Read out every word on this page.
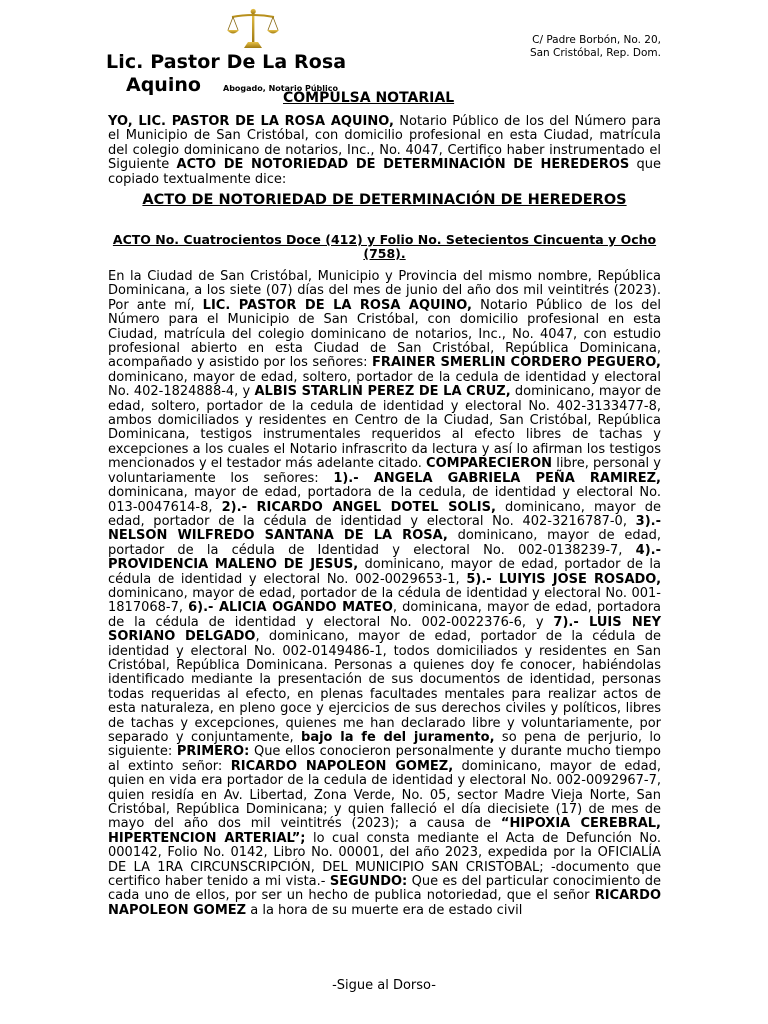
C/ Padre Borbón, No. 20,
San Cristóbal, Rep. Dom.
Lic. Pastor De La Rosa
Aquino	Abogado, Notario Público
COMPULSA NOTARIAL
YO, LIC. PASTOR DE LA ROSA AQUINO, Notario Público de los del Número para el Municipio de San Cristóbal, con domicilio profesional en esta Ciudad, matrícula del colegio dominicano de notarios, Inc., No. 4047, Certifico haber instrumentado el Siguiente ACTO DE NOTORIEDAD DE DETERMINACIÓN DE HEREDEROS que copiado textualmente dice:
ACTO DE NOTORIEDAD DE DETERMINACIÓN DE HEREDEROS
ACTO No. Cuatrocientos Doce (412) y Folio No. Setecientos Cincuenta y Ocho (758).
En la Ciudad de San Cristóbal, Municipio y Provincia del mismo nombre, República Dominicana, a los siete (07) días del mes de junio del año dos mil veintitrés (2023). Por ante mí, LIC. PASTOR DE LA ROSA AQUINO, Notario Público de los del Número para el Municipio de San Cristóbal, con domicilio profesional en esta Ciudad, matrícula del colegio dominicano de notarios, Inc., No. 4047, con estudio profesional abierto en esta Ciudad de San Cristóbal, República Dominicana, acompañado y asistido por los señores: FRAINER SMERLIN CORDERO PEGUERO, dominicano, mayor de edad, soltero, portador de la cedula de identidad y electoral No. 402-1824888-4, y ALBIS STARLIN PEREZ DE LA CRUZ, dominicano, mayor de edad, soltero, portador de la cedula de identidad y electoral No. 402-3133477-8, ambos domiciliados y residentes en Centro de la Ciudad, San Cristóbal, República Dominicana, testigos instrumentales requeridos al efecto libres de tachas y excepciones a los cuales el Notario infrascrito da lectura y así lo afirman los testigos mencionados y el testador más adelante citado. COMPARECIERON libre, personal y voluntariamente los señores: 1).- ANGELA GABRIELA PEÑA RAMIREZ, dominicana, mayor de edad, portadora de la cedula, de identidad y electoral No. 013-0047614-8, 2).- RICARDO ANGEL DOTEL SOLIS, dominicano, mayor de edad, portador de la cédula de identidad y electoral No. 402-3216787-0, 3).- NELSON WILFREDO SANTANA DE LA ROSA, dominicano, mayor de edad, portador de la cédula de Identidad y electoral No. 002-0138239-7, 4).- PROVIDENCIA MALENO DE JESUS, dominicano, mayor de edad, portador de la cédula de identidad y electoral No. 002-0029653-1, 5).- LUIYIS JOSE ROSADO, dominicano, mayor de edad, portador de la cédula de identidad y electoral No. 001-1817068-7, 6).- ALICIA OGANDO MATEO, dominicana, mayor de edad, portadora de la cédula de identidad y electoral No. 002-0022376-6, y 7).- LUIS NEY SORIANO DELGADO, dominicano, mayor de edad, portador de la cédula de identidad y electoral No. 002-0149486-1, todos domiciliados y residentes en San Cristóbal, República Dominicana. Personas a quienes doy fe conocer, habiéndolas identificado mediante la presentación de sus documentos de identidad, personas todas requeridas al efecto, en plenas facultades mentales para realizar actos de esta naturaleza, en pleno goce y ejercicios de sus derechos civiles y políticos, libres de tachas y excepciones, quienes me han declarado libre y voluntariamente, por separado y conjuntamente, bajo la fe del juramento, so pena de perjurio, lo siguiente: PRIMERO: Que ellos conocieron personalmente y durante mucho tiempo al extinto señor: RICARDO NAPOLEON GOMEZ, dominicano, mayor de edad, quien en vida era portador de la cedula de identidad y electoral No. 002-0092967-7, quien residía en Av. Libertad, Zona Verde, No. 05, sector Madre Vieja Norte, San Cristóbal, República Dominicana; y quien falleció el día diecisiete (17) de mes de mayo del año dos mil veintitrés (2023); a causa de “HIPOXIA CEREBRAL, HIPERTENCION ARTERIAL”; lo cual consta mediante el Acta de Defunción No. 000142, Folio No. 0142, Libro No. 00001, del año 2023, expedida por la OFICIALÍA DE LA 1RA CIRCUNSCRIPCIÓN, DEL MUNICIPIO SAN CRISTOBAL; -documento que certifico haber tenido a mi vista.- SEGUNDO: Que es del particular conocimiento de cada uno de ellos, por ser un hecho de publica notoriedad, que el señor RICARDO NAPOLEON GOMEZ a la hora de su muerte era de estado civil
-Sigue al Dorso-
